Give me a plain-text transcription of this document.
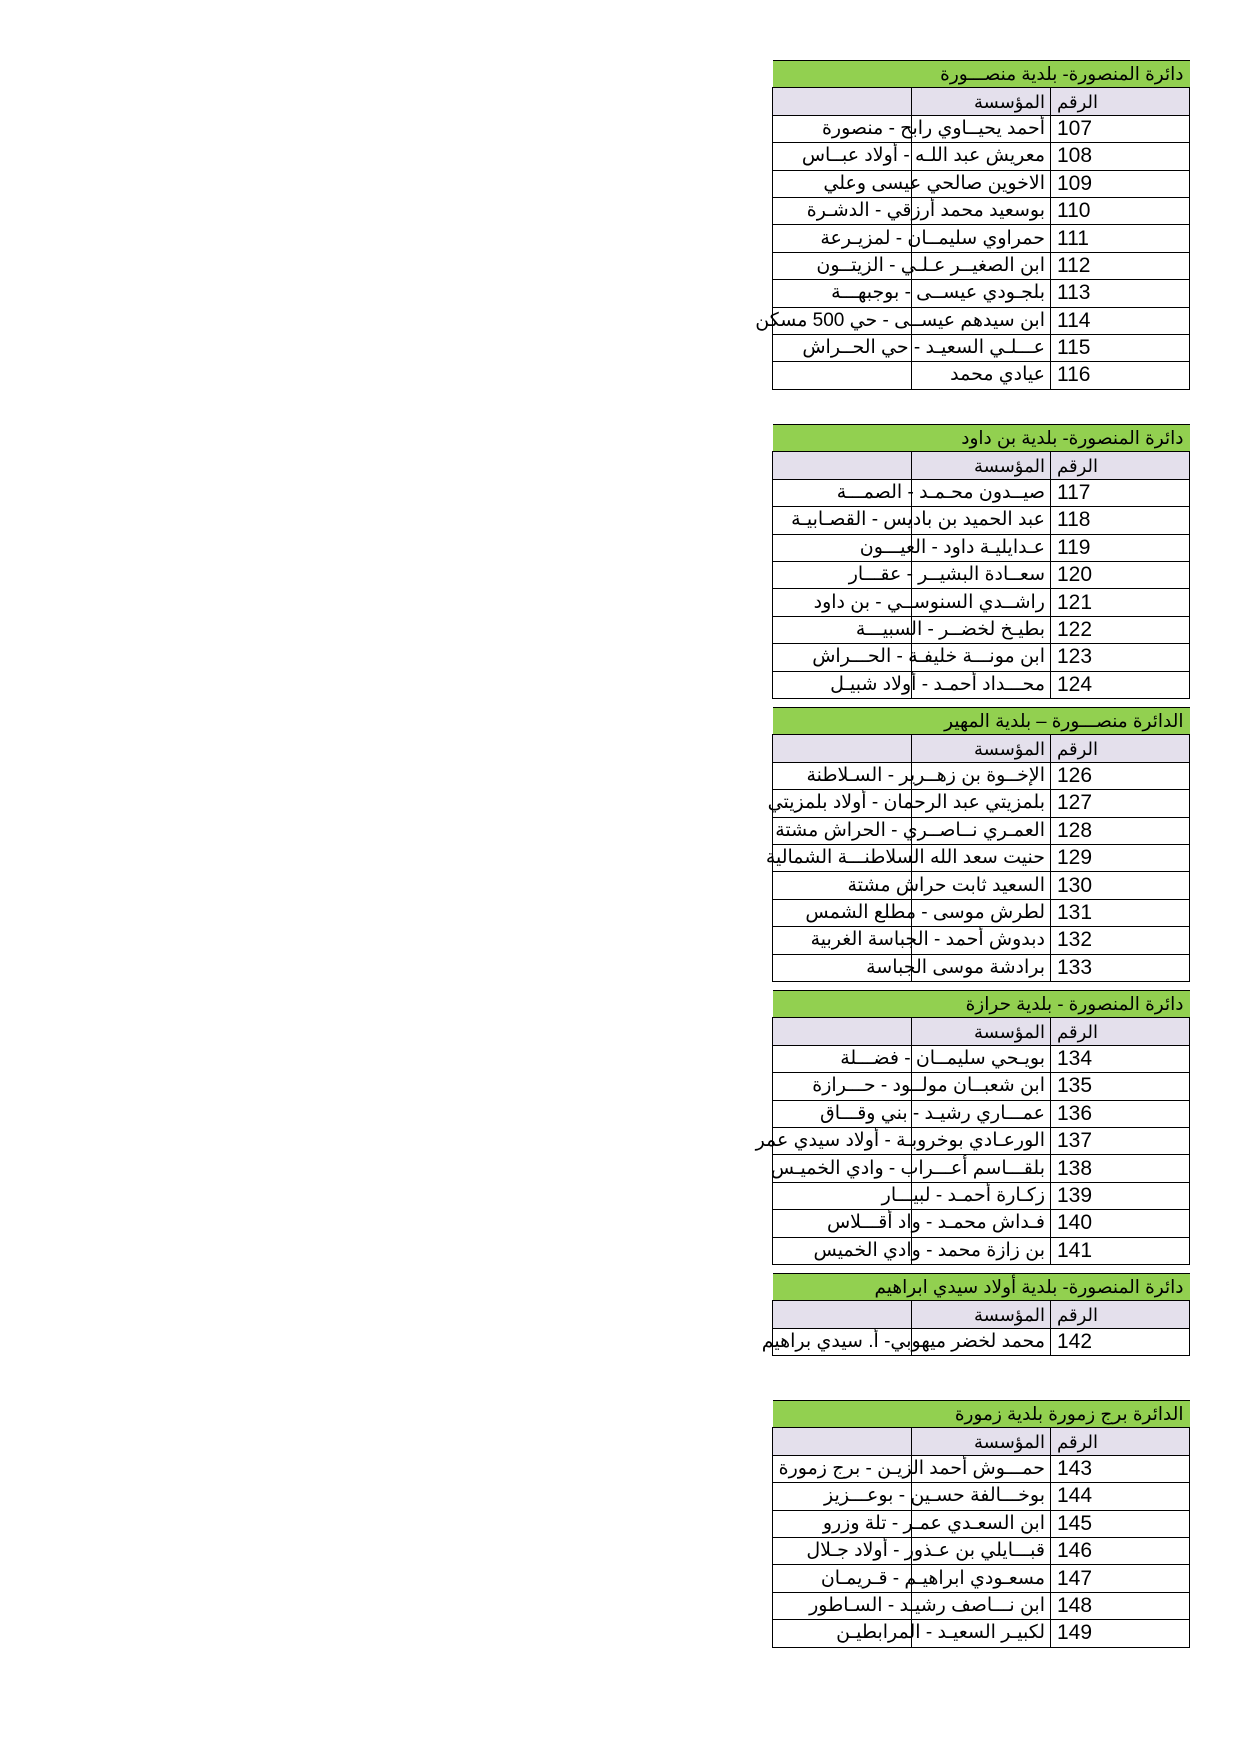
دائرة المنصورة- بلدية منصـــورة		
الرقم	المؤسسة	
107	أحمد يحيــاوي رابح - منصورة	
108	معريش عبد اللـه - أولاد عبــاس	
109	الاخوين صالحي عيسى وعلي	
110	بوسعيد محمد أرزقي - الدشـرة	
111	حمراوي سليمــان - لمزيـرعة	
112	ابن الصغيــر عـلـي - الزيتــون	
113	بلجـودي عيســى - بوجبهـــة	
114	ابن سيدهم عيســى - حي 500 مسكن	
115	عـــلـي السعيـد - حي الحــراش	
116	عيادي محمد	
دائرة المنصورة- بلدية بن داود		
الرقم	المؤسسة	
117	صيــدون محـمـد - الصمـــة	
118	عبد الحميد بن باديس - القصـابيـة	
119	عـدايليـة داود - العيـــون	
120	سعــادة البشيــر - عقـــار	
121	راشــدي السنوســي - بن داود	
122	بطيـخ لخضــر - السبيـــة	
123	ابن مونـــة خليفـة - الحـــراش	
124	محـــداد أحمـد - أولاد شبيـل	
الدائرة منصـــورة – بلدية المهير		
الرقم	المؤسسة	
126	الإخــوة بن زهــرير - السـلاطنة	
127	بلمزيتي عبد الرحمان - أولاد بلمزيتي	
128	العمـري نــاصــري - الحراش مشتة	
129	حنيت سعد الله السلاطنـــة الشمالية	
130	السعيد ثابت حراش مشتة	
131	لطرش موسى - مطلع الشمس	
132	دبدوش أحمد - الجباسة الغربية	
133	برادشة موسى الجباسة	
دائرة المنصورة - بلدية حرازة		
الرقم	المؤسسة	
134	بويـحي سليمــان - فضـــلة	
135	ابن شعبــان مولــود - حـــرازة	
136	عمـــاري رشيـد - بني وقـــاق	
137	الورعـادي بوخروبـة - أولاد سيدي عمر	
138	بلقـــاسم أعـــراب - وادي الخميـس	
139	زكـارة أحمـد - لبيـــار	
140	فـداش محمـد - واد أقـــلاس	
141	بن زازة محمد - وادي الخميس	
دائرة المنصورة- بلدية أولاد سيدي ابراهيم		
الرقم	المؤسسة	
142	محمد لخضر ميهوبي- أ. سيدي براهيم	
الدائرة برج زمورة بلدية زمورة		
الرقم	المؤسسة	
143	حمـــوش أحمد الزيـن - برج زمورة	
144	بوخـــالفة حسـين - بوعـــزيز	
145	ابن السعـدي عمـر - تلة وزرو	
146	قبـــايلي بن عـذور - أولاد جـلال	
147	مسعـودي ابراهيـم - قـريمـان	
148	ابن نـــاصف رشيـد - السـاطور	
149	لكبيـر السعيـد - المرابطيـن	
